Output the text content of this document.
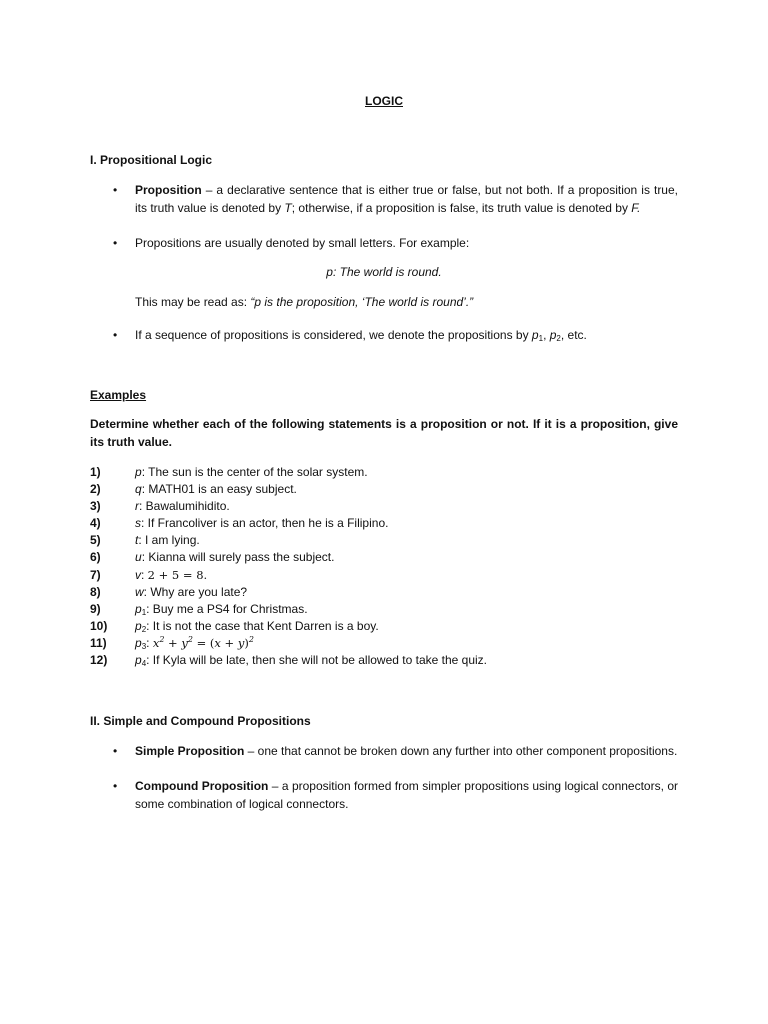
LOGIC
I. Propositional Logic
• Proposition – a declarative sentence that is either true or false, but not both. If a proposition is true, its truth value is denoted by T; otherwise, if a proposition is false, its truth value is denoted by F.
• Propositions are usually denoted by small letters. For example:
p: The world is round.
This may be read as: “p is the proposition, ‘The world is round’.”
• If a sequence of propositions is considered, we denote the propositions by $p_1$, $p_2$, etc.
Examples
Determine whether each of the following statements is a proposition or not. If it is a proposition, give its truth value.
1)	p: The sun is the center of the solar system.
2)	q: MATH01 is an easy subject.
3)	r: Bawalumihidito.
4)	s: If Francoliver is an actor, then he is a Filipino.
5)	t: I am lying.
6)	u: Kianna will surely pass the subject.
7)	v: 2 + 5 = 8.
8)	w: Why are you late?
9)	$p_1$: Buy me a PS4 for Christmas.
10) $p_2$: It is not the case that Kent Darren is a boy.
11) $p_3$: $x^2 + y^2 = (x + y)^2$
12) $p_4$: If Kyla will be late, then she will not be allowed to take the quiz.
II. Simple and Compound Propositions
• Simple Proposition – one that cannot be broken down any further into other component propositions.
• Compound Proposition – a proposition formed from simpler propositions using logical connectors, or some combination of logical connectors.
